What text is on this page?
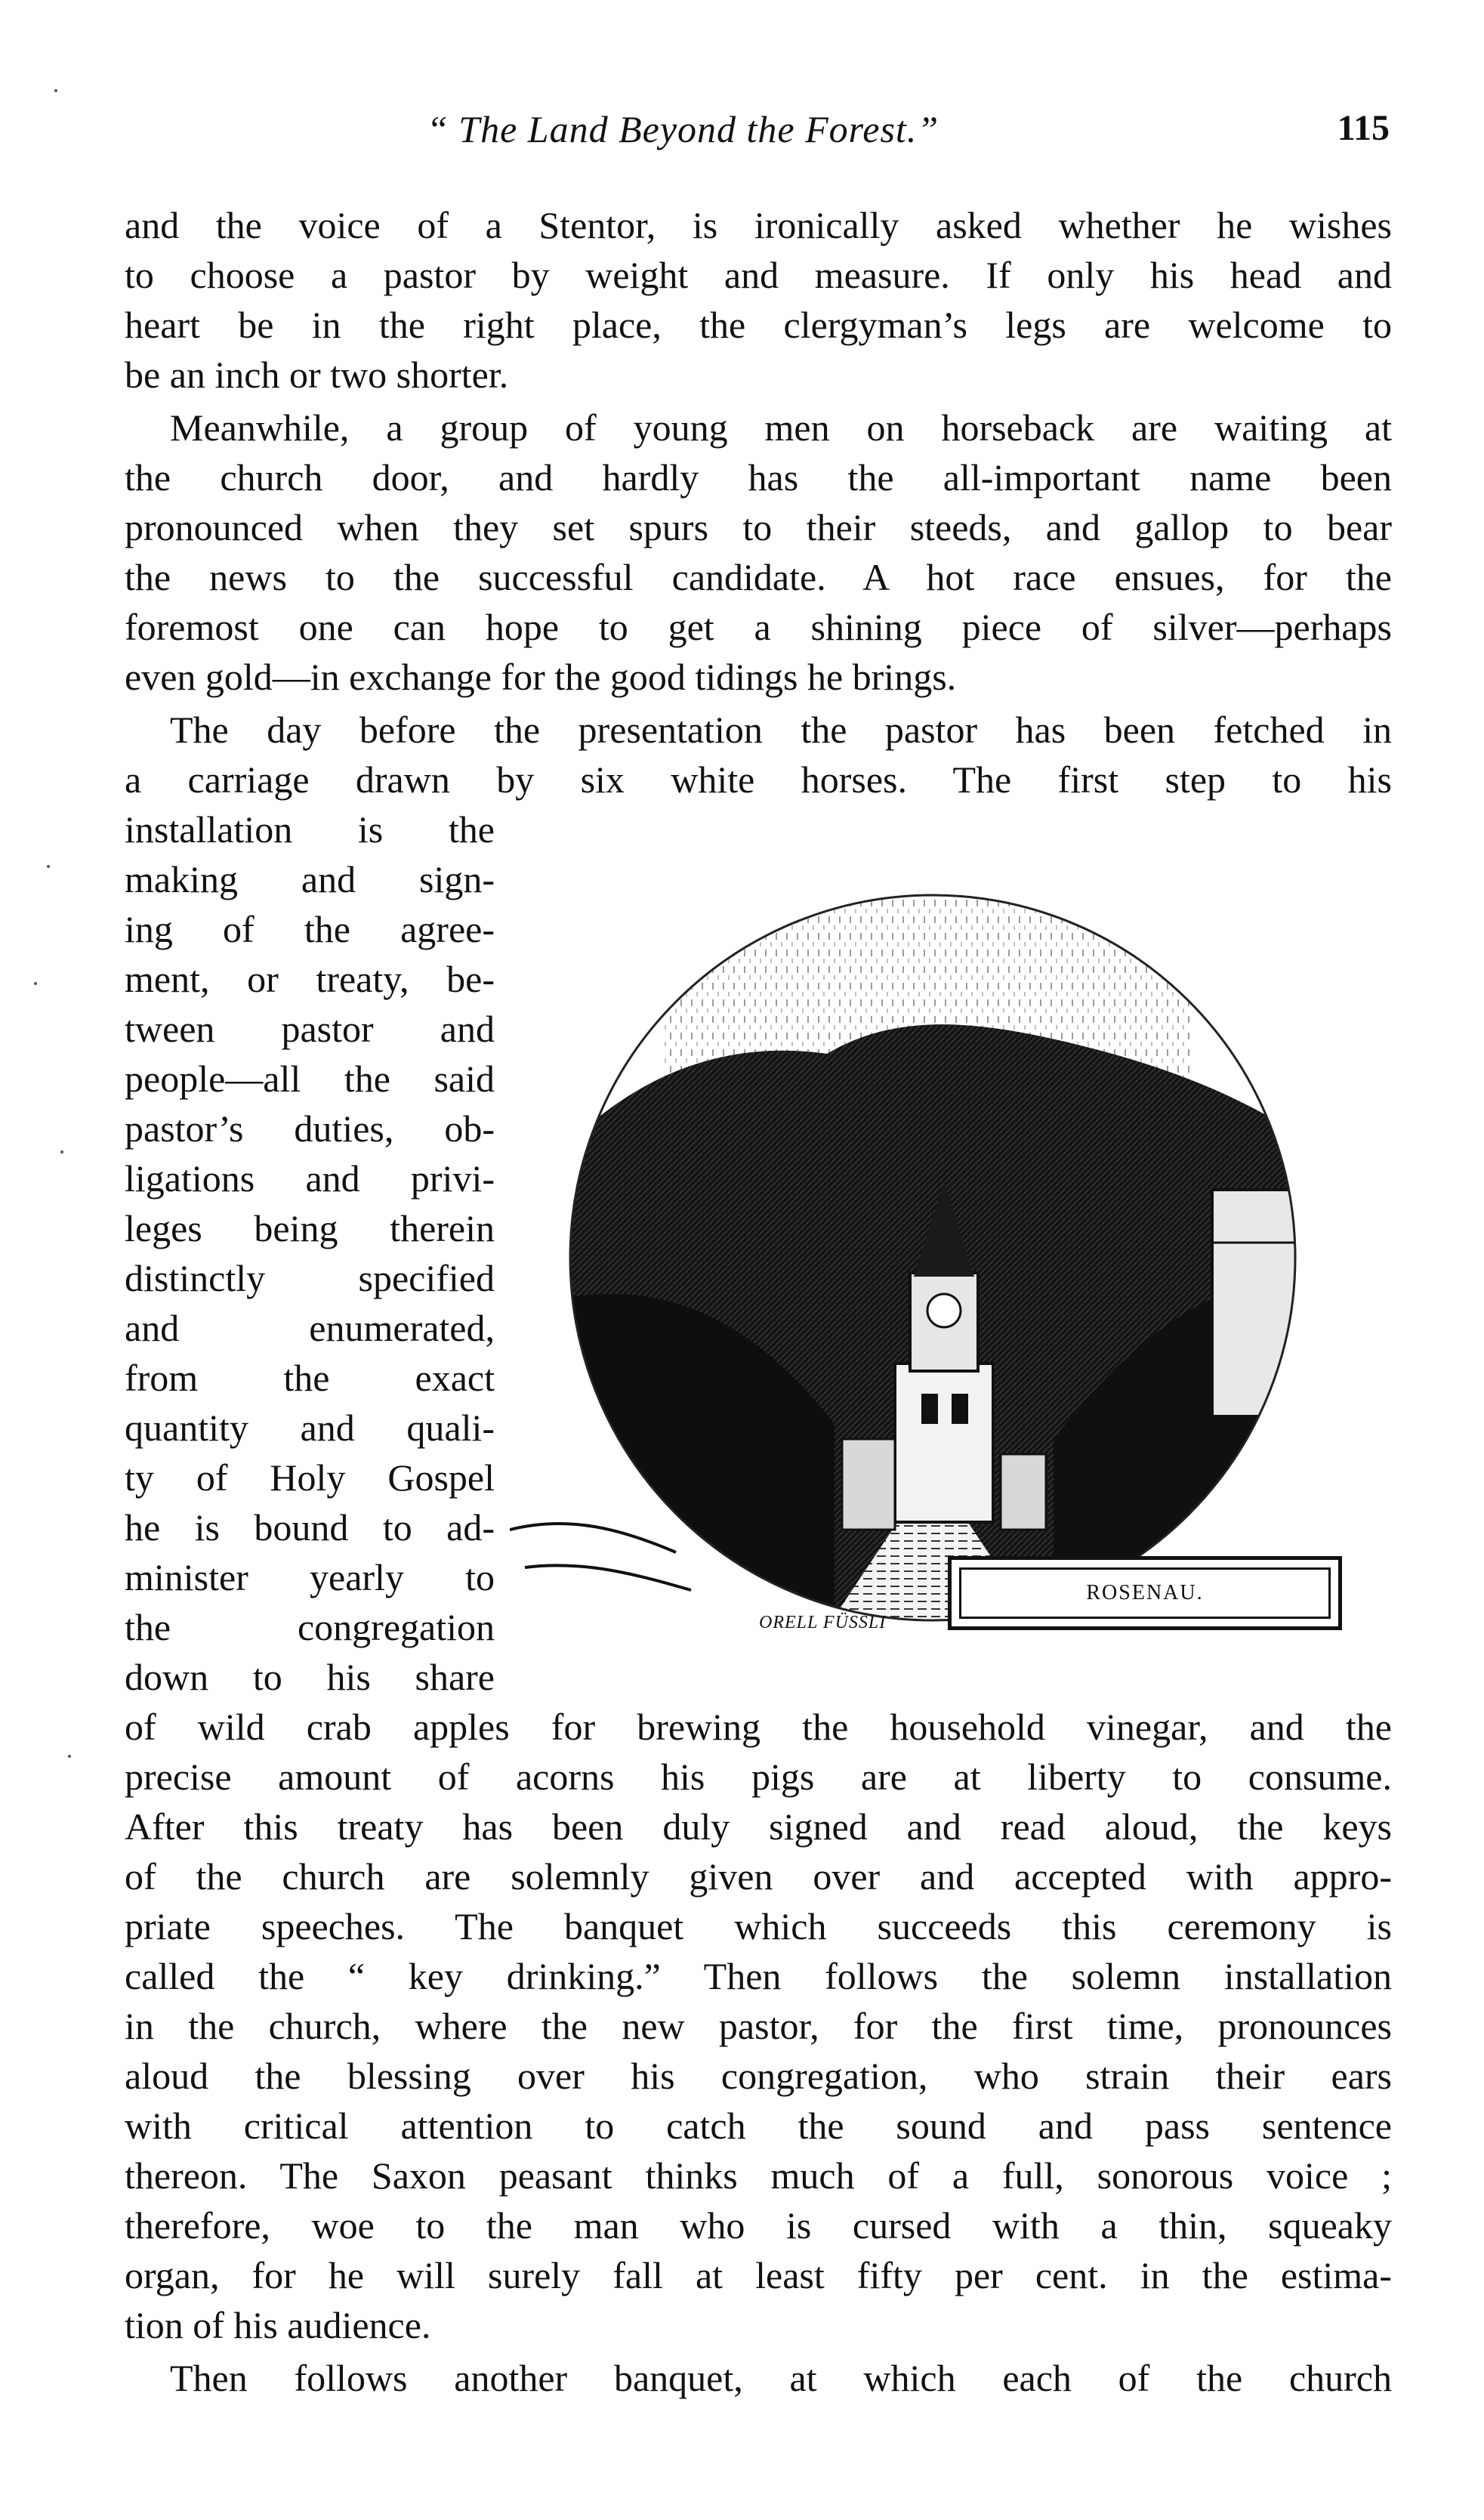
“ The Land Beyond the Forest.”	115
and the voice of a Stentor, is ironically asked whether he wishes
to choose a pastor by weight and measure. If only his head and
heart be in the right place, the clergyman’s legs are welcome to
be an inch or two shorter.
Meanwhile, a group of young men on horseback are waiting at
the church door, and hardly has the all-important name been
pronounced when they set spurs to their steeds, and gallop to bear
the news to the successful candidate. A hot race ensues, for the
foremost one can hope to get a shining piece of silver—perhaps
even gold—in exchange for the good tidings he brings.
The day before the presentation the pastor has been fetched in
a carriage drawn by six white horses. The first step to his
installation is the
making and sign-
ing of the agree-
ment, or treaty, be-
tween pastor and
people—all the said
pastor’s duties, ob-
ligations and privi-
leges being therein
distinctly specified
and enumerated,
from the exact
quantity and quali-
ty of Holy Gospel
he is bound to ad-
minister yearly to
the congregation
down to his share
of wild crab apples for brewing the household vinegar, and the
precise amount of acorns his pigs are at liberty to consume.
After this treaty has been duly signed and read aloud, the keys
of the church are solemnly given over and accepted with appro-
priate speeches. The banquet which succeeds this ceremony is
called the “ key drinking.” Then follows the solemn installation
in the church, where the new pastor, for the first time, pronounces
aloud the blessing over his congregation, who strain their ears
with critical attention to catch the sound and pass sentence
thereon. The Saxon peasant thinks much of a full, sonorous voice ;
therefore, woe to the man who is cursed with a thin, squeaky
organ, for he will surely fall at least fifty per cent. in the estima-
tion of his audience.
Then follows another banquet, at which each of the church
ROSENAU.
ORELL FÜSSLI
